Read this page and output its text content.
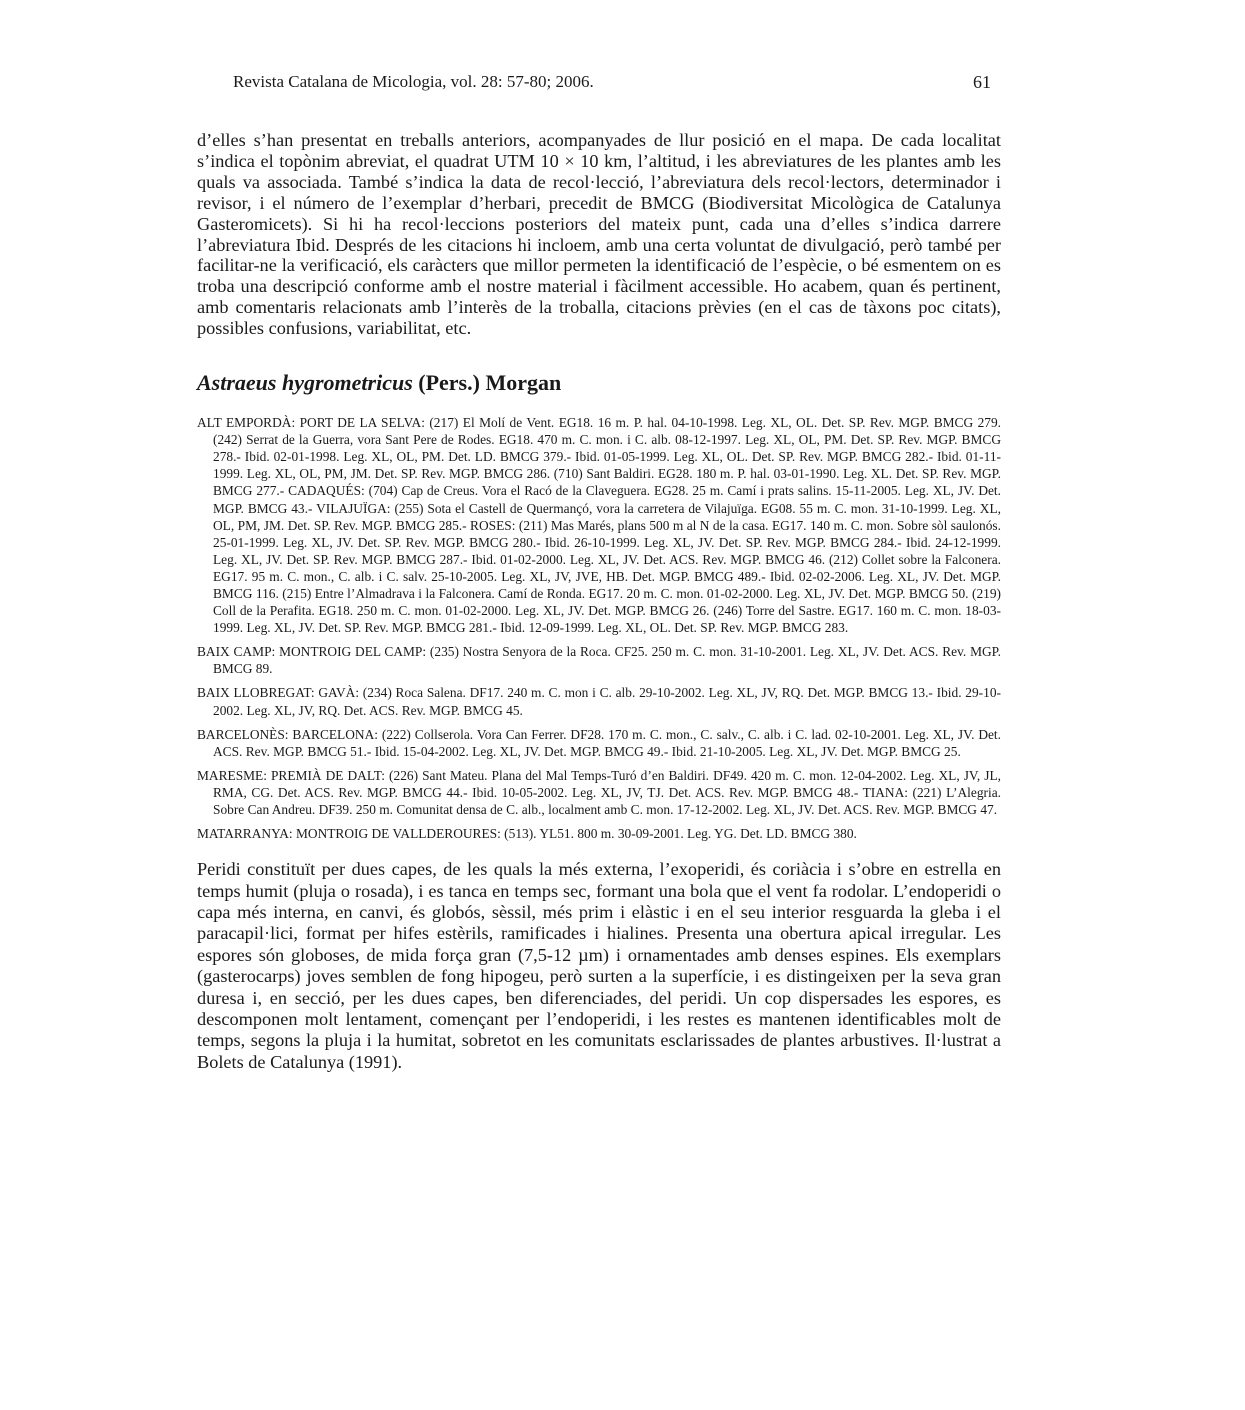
Revista Catalana de Micologia, vol. 28: 57-80; 2006.	61

d’elles s’han presentat en treballs anteriors, acompanyades de llur posició en el mapa. De cada localitat s’indica el topònim abreviat, el quadrat UTM 10 × 10 km, l’altitud, i les abreviatures de les plantes amb les quals va associada. També s’indica la data de recol·lecció, l’abreviatura dels recol·lectors, determinador i revisor, i el número de l’exemplar d’herbari, precedit de BMCG (Biodiversitat Micològica de Catalunya Gasteromicets). Si hi ha recol·leccions posteriors del mateix punt, cada una d’elles s’indica darrere l’abreviatura Ibid. Després de les citacions hi incloem, amb una certa voluntat de divulgació, però també per facilitar-ne la verificació, els caràcters que millor permeten la identificació de l’espècie, o bé esmentem on es troba una descripció conforme amb el nostre material i fàcilment accessible. Ho acabem, quan és pertinent, amb comentaris relacionats amb l’interès de la troballa, citacions prèvies (en el cas de tàxons poc citats), possibles confusions, variabilitat, etc.

Astraeus hygrometricus (Pers.) Morgan

ALT EMPORDÀ: PORT DE LA SELVA: (217) El Molí de Vent. EG18. 16 m. P. hal. 04-10-1998. Leg. XL, OL. Det. SP. Rev. MGP. BMCG 279. (242) Serrat de la Guerra, vora Sant Pere de Rodes. EG18. 470 m. C. mon. i C. alb. 08-12-1997. Leg. XL, OL, PM. Det. SP. Rev. MGP. BMCG 278.- Ibid. 02-01-1998. Leg. XL, OL, PM. Det. LD. BMCG 379.- Ibid. 01-05-1999. Leg. XL, OL. Det. SP. Rev. MGP. BMCG 282.- Ibid. 01-11-1999. Leg. XL, OL, PM, JM. Det. SP. Rev. MGP. BMCG 286. (710) Sant Baldiri. EG28. 180 m. P. hal. 03-01-1990. Leg. XL. Det. SP. Rev. MGP. BMCG 277.- CADAQUÉS: (704) Cap de Creus. Vora el Racó de la Claveguera. EG28. 25 m. Camí i prats salins. 15-11-2005. Leg. XL, JV. Det. MGP. BMCG 43.- VILAJUÏGA: (255) Sota el Castell de Quermançó, vora la carretera de Vilajuïga. EG08. 55 m. C. mon. 31-10-1999. Leg. XL, OL, PM, JM. Det. SP. Rev. MGP. BMCG 285.- ROSES: (211) Mas Marés, plans 500 m al N de la casa. EG17. 140 m. C. mon. Sobre sòl saulonós. 25-01-1999. Leg. XL, JV. Det. SP. Rev. MGP. BMCG 280.- Ibid. 26-10-1999. Leg. XL, JV. Det. SP. Rev. MGP. BMCG 284.- Ibid. 24-12-1999. Leg. XL, JV. Det. SP. Rev. MGP. BMCG 287.- Ibid. 01-02-2000. Leg. XL, JV. Det. ACS. Rev. MGP. BMCG 46. (212) Collet sobre la Falconera. EG17. 95 m. C. mon., C. alb. i C. salv. 25-10-2005. Leg. XL, JV, JVE, HB. Det. MGP. BMCG 489.- Ibid. 02-02-2006. Leg. XL, JV. Det. MGP. BMCG 116. (215) Entre l’Almadrava i la Falconera. Camí de Ronda. EG17. 20 m. C. mon. 01-02-2000. Leg. XL, JV. Det. MGP. BMCG 50. (219) Coll de la Perafita. EG18. 250 m. C. mon. 01-02-2000. Leg. XL, JV. Det. MGP. BMCG 26. (246) Torre del Sastre. EG17. 160 m. C. mon. 18-03-1999. Leg. XL, JV. Det. SP. Rev. MGP. BMCG 281.- Ibid. 12-09-1999. Leg. XL, OL. Det. SP. Rev. MGP. BMCG 283.

BAIX CAMP: MONTROIG DEL CAMP: (235) Nostra Senyora de la Roca. CF25. 250 m. C. mon. 31-10-2001. Leg. XL, JV. Det. ACS. Rev. MGP. BMCG 89.

BAIX LLOBREGAT: GAVÀ: (234) Roca Salena. DF17. 240 m. C. mon i C. alb. 29-10-2002. Leg. XL, JV, RQ. Det. MGP. BMCG 13.- Ibid. 29-10-2002. Leg. XL, JV, RQ. Det. ACS. Rev. MGP. BMCG 45.

BARCELONÈS: BARCELONA: (222) Collserola. Vora Can Ferrer. DF28. 170 m. C. mon., C. salv., C. alb. i C. lad. 02-10-2001. Leg. XL, JV. Det. ACS. Rev. MGP. BMCG 51.- Ibid. 15-04-2002. Leg. XL, JV. Det. MGP. BMCG 49.- Ibid. 21-10-2005. Leg. XL, JV. Det. MGP. BMCG 25.

MARESME: PREMIÀ DE DALT: (226) Sant Mateu. Plana del Mal Temps-Turó d’en Baldiri. DF49. 420 m. C. mon. 12-04-2002. Leg. XL, JV, JL, RMA, CG. Det. ACS. Rev. MGP. BMCG 44.- Ibid. 10-05-2002. Leg. XL, JV, TJ. Det. ACS. Rev. MGP. BMCG 48.- TIANA: (221) L’Alegria. Sobre Can Andreu. DF39. 250 m. Comunitat densa de C. alb., localment amb C. mon. 17-12-2002. Leg. XL, JV. Det. ACS. Rev. MGP. BMCG 47.

MATARRANYA: MONTROIG DE VALLDEROURES: (513). YL51. 800 m. 30-09-2001. Leg. YG. Det. LD. BMCG 380.

Peridi constituït per dues capes, de les quals la més externa, l’exoperidi, és coriàcia i s’obre en estrella en temps humit (pluja o rosada), i es tanca en temps sec, formant una bola que el vent fa rodolar. L’endoperidi o capa més interna, en canvi, és globós, sèssil, més prim i elàstic i en el seu interior resguarda la gleba i el paracapil·lici, format per hifes estèrils, ramificades i hialines. Presenta una obertura apical irregular. Les espores són globoses, de mida força gran (7,5-12 µm) i ornamentades amb denses espines. Els exemplars (gasterocarps) joves semblen de fong hipogeu, però surten a la superfície, i es distingeixen per la seva gran duresa i, en secció, per les dues capes, ben diferenciades, del peridi. Un cop dispersades les espores, es descomponen molt lentament, començant per l’endoperidi, i les restes es mantenen identificables molt de temps, segons la pluja i la humitat, sobretot en les comunitats esclarissades de plantes arbustives. Il·lustrat a Bolets de Catalunya (1991).
